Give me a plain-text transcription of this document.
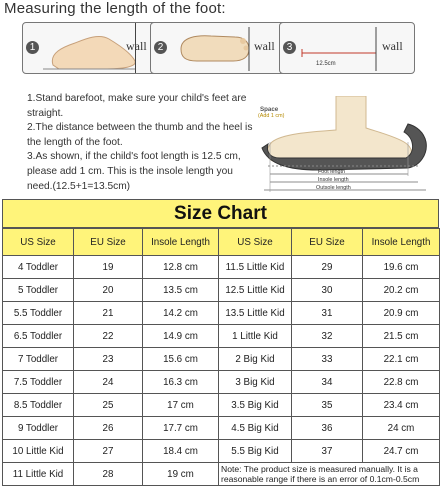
Measuring the length of the foot:
1	wall	2	wall	3
12.5cm
wall

1.Stand barefoot, make sure your child's feet are straight.

2.The distance between the thumb and the heel is the length of the foot.

3.As shown, if the child's foot length is 12.5 cm, please add 1 cm. This is the insole length you need.(12.5+1=13.5cm)

Space
(Add 1 cm)
Foot length
Insole length
Outsole length
Size Chart
US Size	EU Size	Insole Length	US Size	EU Size	Insole Length
4 Toddler	19	12.8 cm	11.5 Little Kid	29	19.6 cm
5 Toddler	20	13.5 cm	12.5 Little Kid	30	20.2 cm
5.5 Toddler	21	14.2 cm	13.5 Little Kid	31	20.9 cm
6.5 Toddler	22	14.9 cm	1 Little Kid	32	21.5 cm
7 Toddler	23	15.6 cm	2 Big Kid	33	22.1 cm
7.5 Toddler	24	16.3 cm	3 Big Kid	34	22.8 cm
8.5 Toddler	25	17 cm	3.5 Big Kid	35	23.4 cm
9 Toddler	26	17.7 cm	4.5 Big Kid	36	24 cm
10 Little Kid	27	18.4 cm	5.5 Big Kid	37	24.7 cm
11 Little Kid	28	19 cm	Note: The product size is measured manually. It is a reasonable range if there is an error of 0.1cm-0.5cm		
